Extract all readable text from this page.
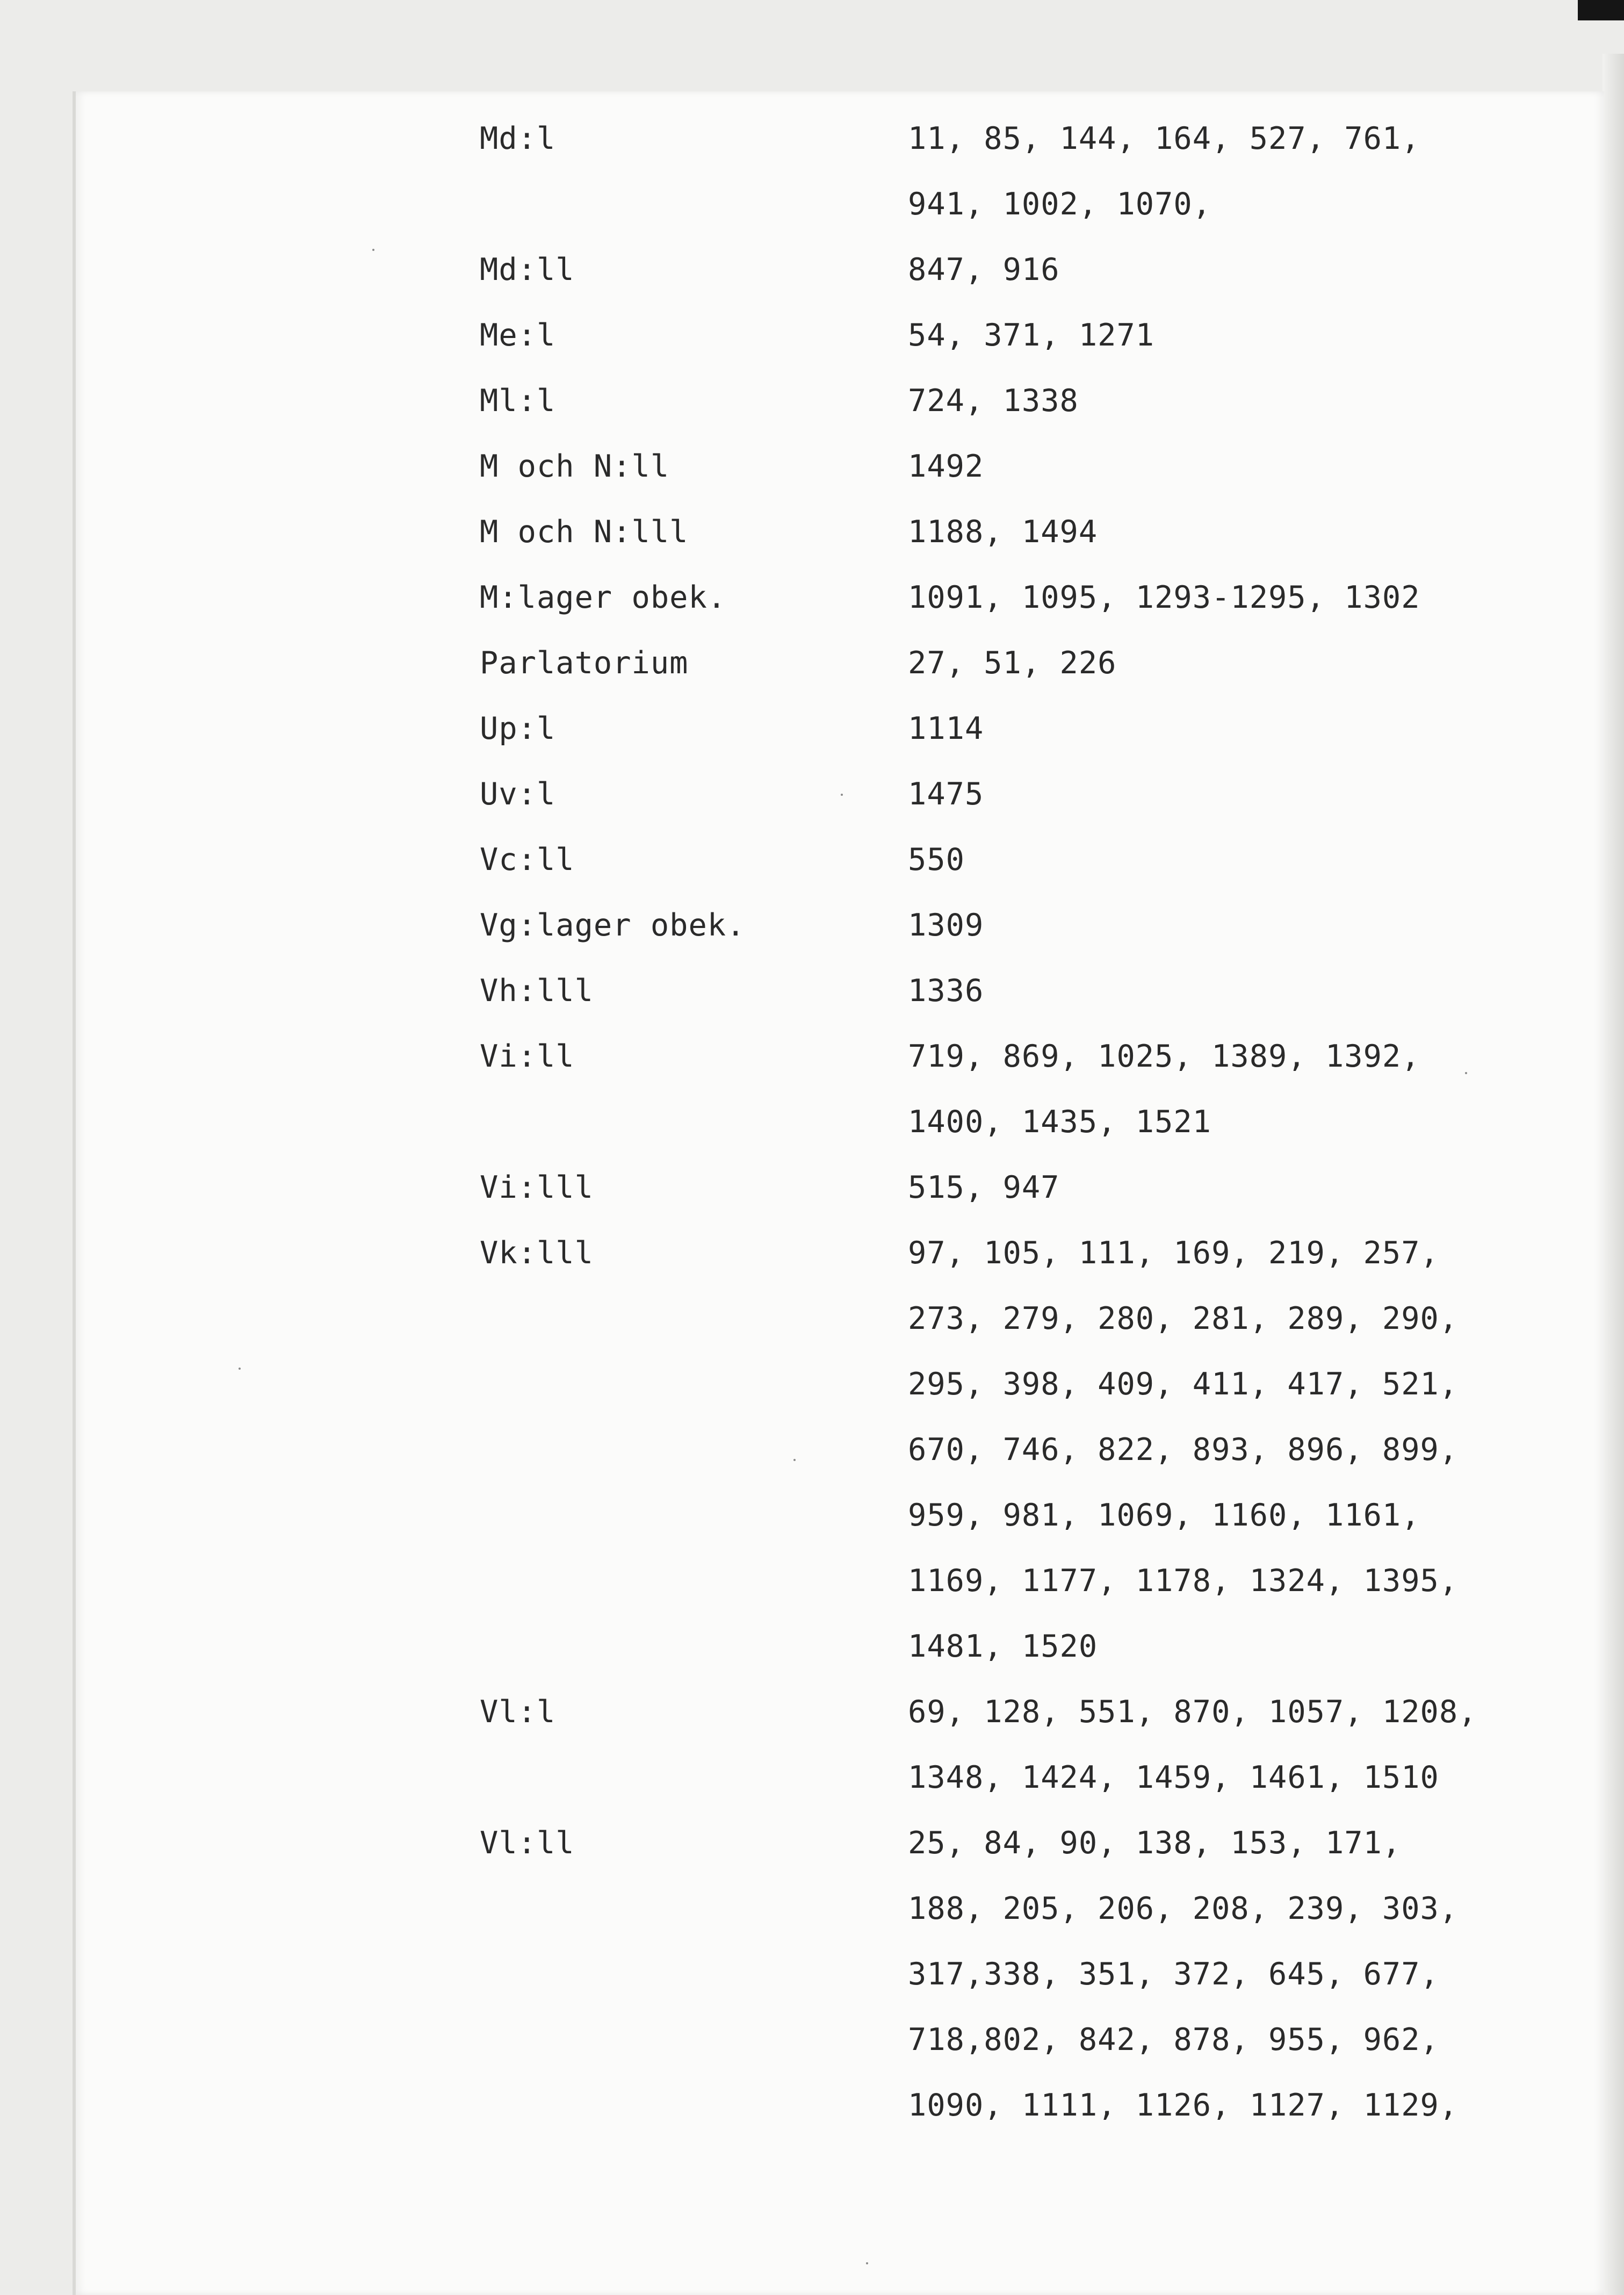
Md:l	11, 85, 144, 164, 527, 761,
941, 1002, 1070,
Md:ll	847, 916
Me:l	54, 371, 1271
Ml:l	724, 1338
M och N:ll	1492
M och N:lll	1188, 1494
M:lager obek.	1091, 1095, 1293-1295, 1302
Parlatorium	27, 51, 226
Up:l	1114
Uv:l	1475
Vc:ll	550
Vg:lager obek.	1309
Vh:lll	1336
Vi:ll	719, 869, 1025, 1389, 1392,
1400, 1435, 1521
Vi:lll	515, 947
Vk:lll	97, 105, 111, 169, 219, 257,
273, 279, 280, 281, 289, 290,
295, 398, 409, 411, 417, 521,
670, 746, 822, 893, 896, 899,
959, 981, 1069, 1160, 1161,
1169, 1177, 1178, 1324, 1395,
1481, 1520
Vl:l	69, 128, 551, 870, 1057, 1208,
1348, 1424, 1459, 1461, 1510
Vl:ll	25, 84, 90, 138, 153, 171,
188, 205, 206, 208, 239, 303,
317,338, 351, 372, 645, 677,
718,802, 842, 878, 955, 962,
1090, 1111, 1126, 1127, 1129,
